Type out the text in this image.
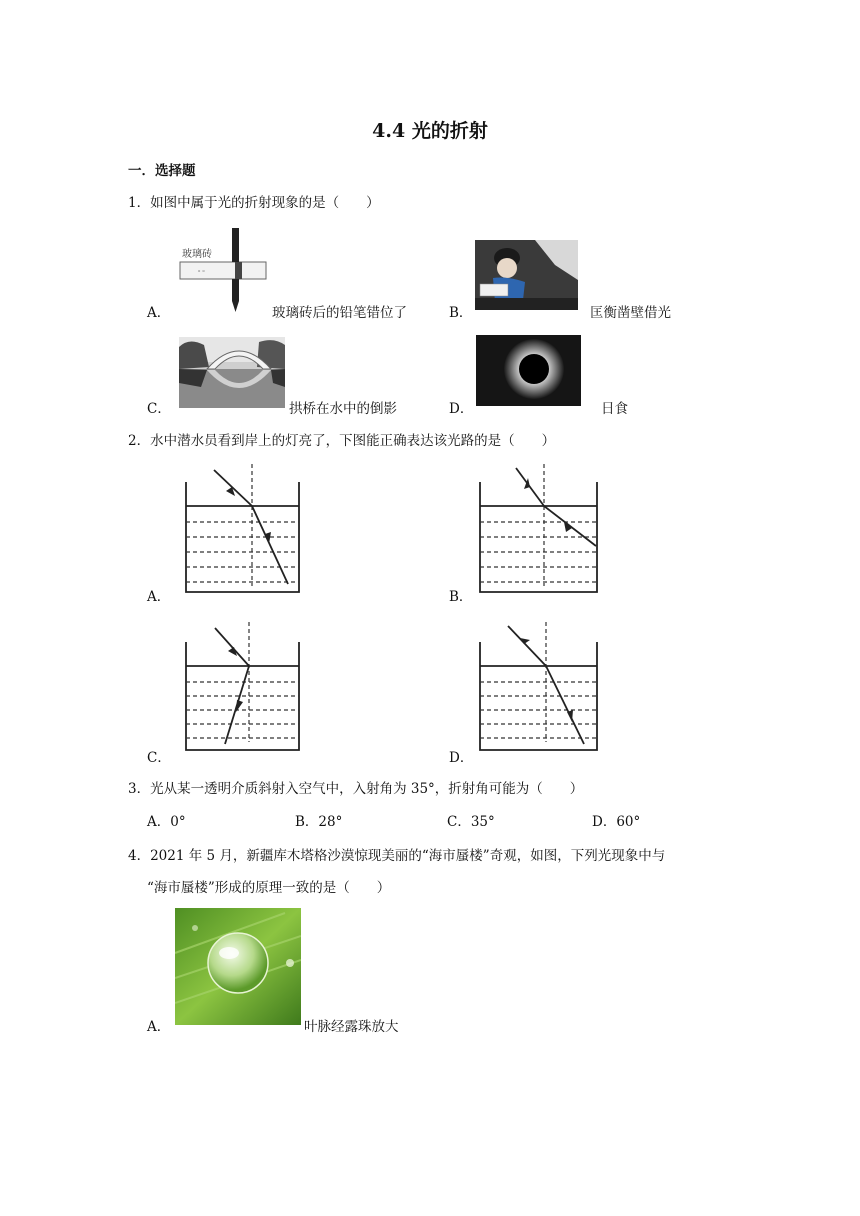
4.4 光的折射
一．选择题
1．如图中属于光的折射现象的是（　　）
A．
玻璃砖
ᵒ ᵒ
玻璃砖后的铅笔错位了	B．	匡衡凿壁借光
C．	拱桥在水中的倒影	D．	日食
2．水中潜水员看到岸上的灯亮了，下图能正确表达该光路的是（　　）
A．	B．
C．	D．
3．光从某一透明介质斜射入空气中，入射角为 35°，折射角可能为（　　）
A．0°	B．28°	C．35°	D．60°
4．2021 年 5 月，新疆库木塔格沙漠惊现美丽的“海市蜃楼”奇观，如图，下列光现象中与
“海市蜃楼”形成的原理一致的是（　　）
A．	叶脉经露珠放大
